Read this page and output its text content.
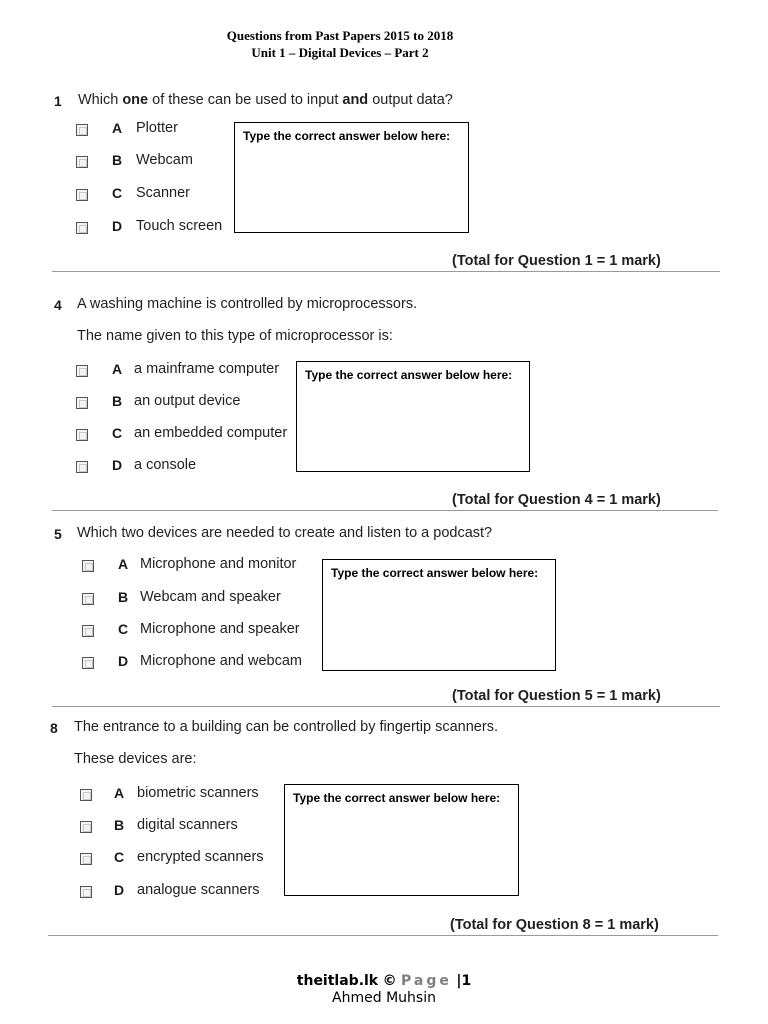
Questions from Past Papers 2015 to 2018
Unit 1 – Digital Devices – Part 2
1 Which one of these can be used to input and output data?
A Plotter
B Webcam
C Scanner
D Touch screen
Type the correct answer below here:
(Total for Question 1 = 1 mark)
4 A washing machine is controlled by microprocessors.
The name given to this type of microprocessor is:
A a mainframe computer
B an output device
C an embedded computer
D a console
Type the correct answer below here:
(Total for Question 4 = 1 mark)
5 Which two devices are needed to create and listen to a podcast?
A Microphone and monitor
B Webcam and speaker
C Microphone and speaker
D Microphone and webcam
Type the correct answer below here:
(Total for Question 5 = 1 mark)
8 The entrance to a building can be controlled by fingertip scanners.
These devices are:
A biometric scanners
B digital scanners
C encrypted scanners
D analogue scanners
Type the correct answer below here:
(Total for Question 8 = 1 mark)
theitlab.lk © Page |1
Ahmed Muhsin
